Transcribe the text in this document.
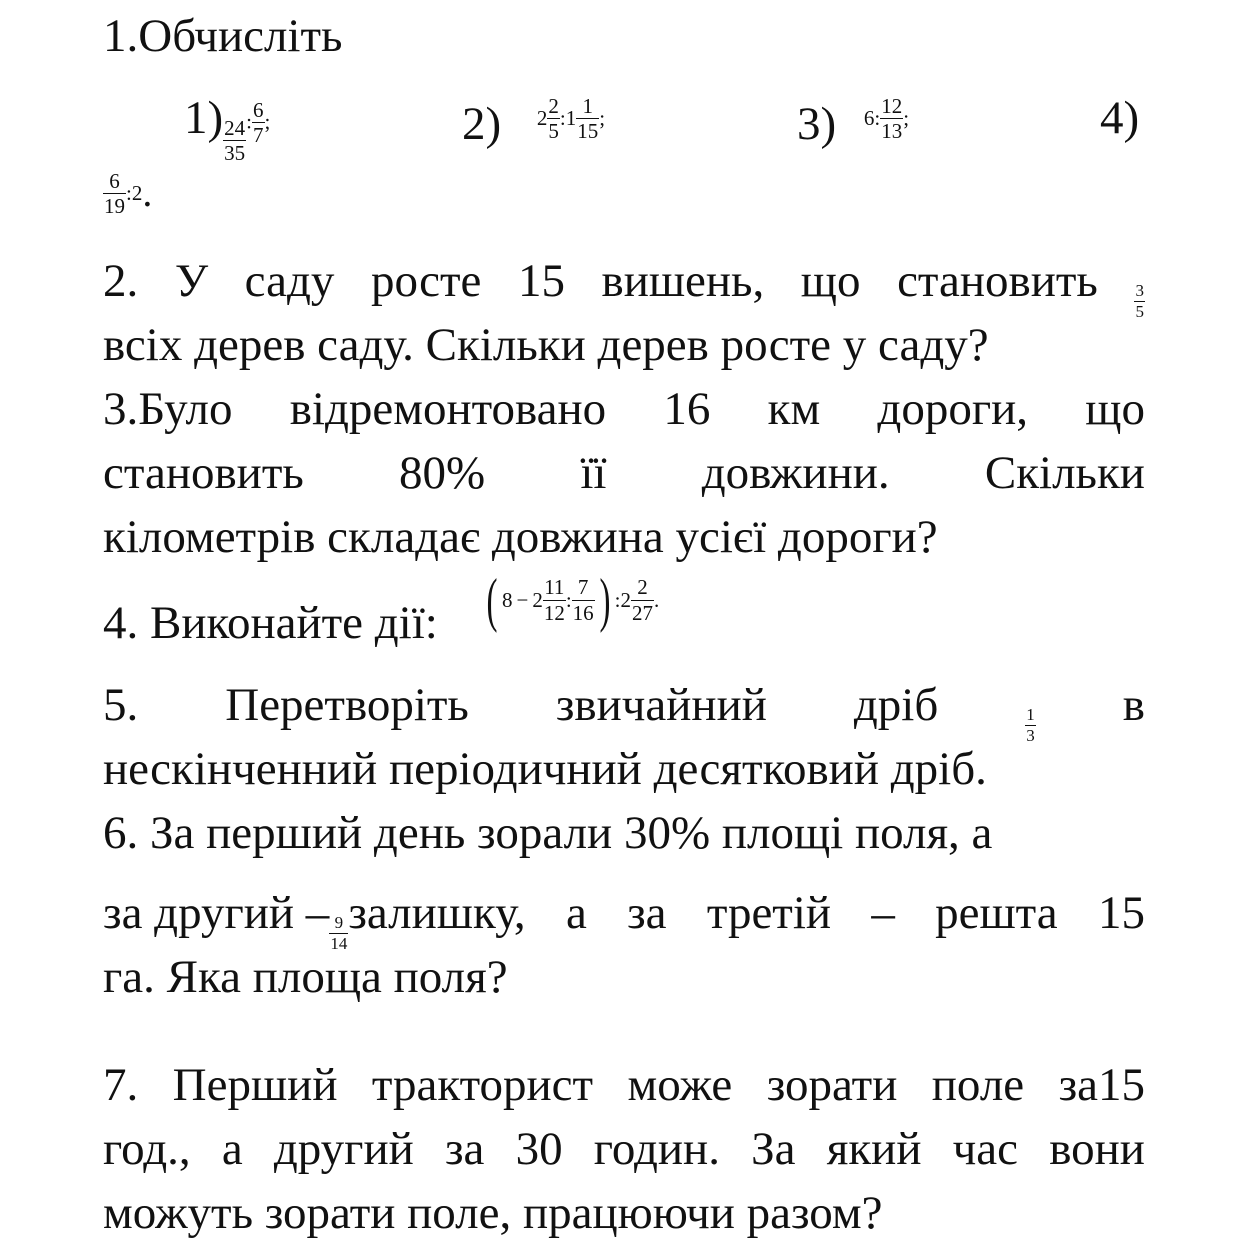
1.Обчисліть
$1) \frac{24}{35}$ : $\frac{6}{7}$ ;	2) $2 \frac{2}{5}$ : $1 \frac{1}{15}$ ;	3) 6 : $\frac{12}{13}$ ;	4)
$\frac{6}{19}$ : 2 .
2. У саду росте 15 вишень, що становить $\frac{3}{5}$
всіх дерев саду. Скільки дерев росте у саду?
3.Було відремонтовано 16 км дороги, що
становить 80% її довжини. Скільки
кілометрів складає довжина усієї дороги?
4. Виконайте дії: ( $8 - 2 \frac{11}{12}$ : $\frac{7}{16}$ ) : $2 \frac{2}{27}$ .
5. Перетворіть звичайний дріб	$\frac{1}{3}$ в
нескінченний періодичний десятковий дріб.
6. За перший день зорали 30% площі поля, а
за другий – $\frac{9}{14}$ залишку, а за третій – решта 15
га. Яка площа поля?
7. Перший тракторист може зорати поле за15
год., а другий за 30 годин. За який час вони
можуть зорати поле, працюючи разом?
